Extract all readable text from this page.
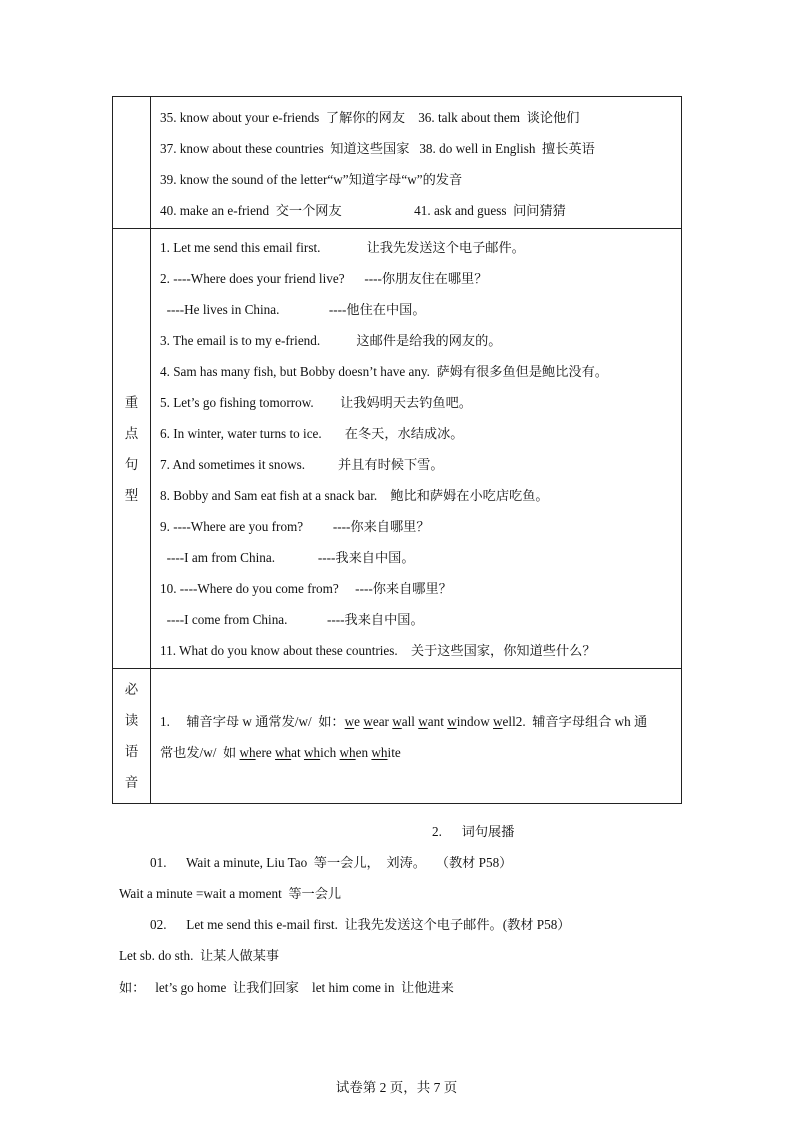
35. know about your e-friends  了解你的网友    36. talk about them  谈论他们
37. know about these countries  知道这些国家   38. do well in English  擅长英语
39. know the sound of the letter“w”知道字母“w”的发音
40. make an e-friend  交一个网友                      41. ask and guess  问问猜猜
重
点
句
型
1. Let me send this email first.              让我先发送这个电子邮件。
2. ----Where does your friend live?      ----你朋友住在哪里？
----He lives in China.               ----他住在中国。
3. The email is to my e-friend.           这邮件是给我的网友的。
4. Sam has many fish, but Bobby doesn’t have any.  萨姆有很多鱼但是鲍比没有。
5. Let’s go fishing tomorrow.        让我妈明天去钓鱼吧。
6. In winter, water turns to ice.       在冬天，水结成冰。
7. And sometimes it snows.          并且有时候下雪。
8. Bobby and Sam eat fish at a snack bar.    鲍比和萨姆在小吃店吃鱼。
9. ----Where are you from?         ----你来自哪里？
----I am from China.             ----我来自中国。
10. ----Where do you come from?     ----你来自哪里？
----I come from China.            ----我来自中国。
11. What do you know about these countries.    关于这些国家，你知道些什么？
必
读
语
音
1.     辅音字母 w 通常发/w/  如：we wear wall want window well2.  辅音字母组合 wh 通
常也发/w/  如 where what which when white
2.      词句展播
01.      Wait a minute, Liu Tao  等一会儿，  刘涛。   （教材 P58）
Wait a minute =wait a moment  等一会儿
02.      Let me send this e-mail first.  让我先发送这个电子邮件。(教材 P58）
Let sb. do sth.  让某人做某事
如：   let’s go home  让我们回家    let him come in  让他进来
试卷第 2 页，共 7 页
